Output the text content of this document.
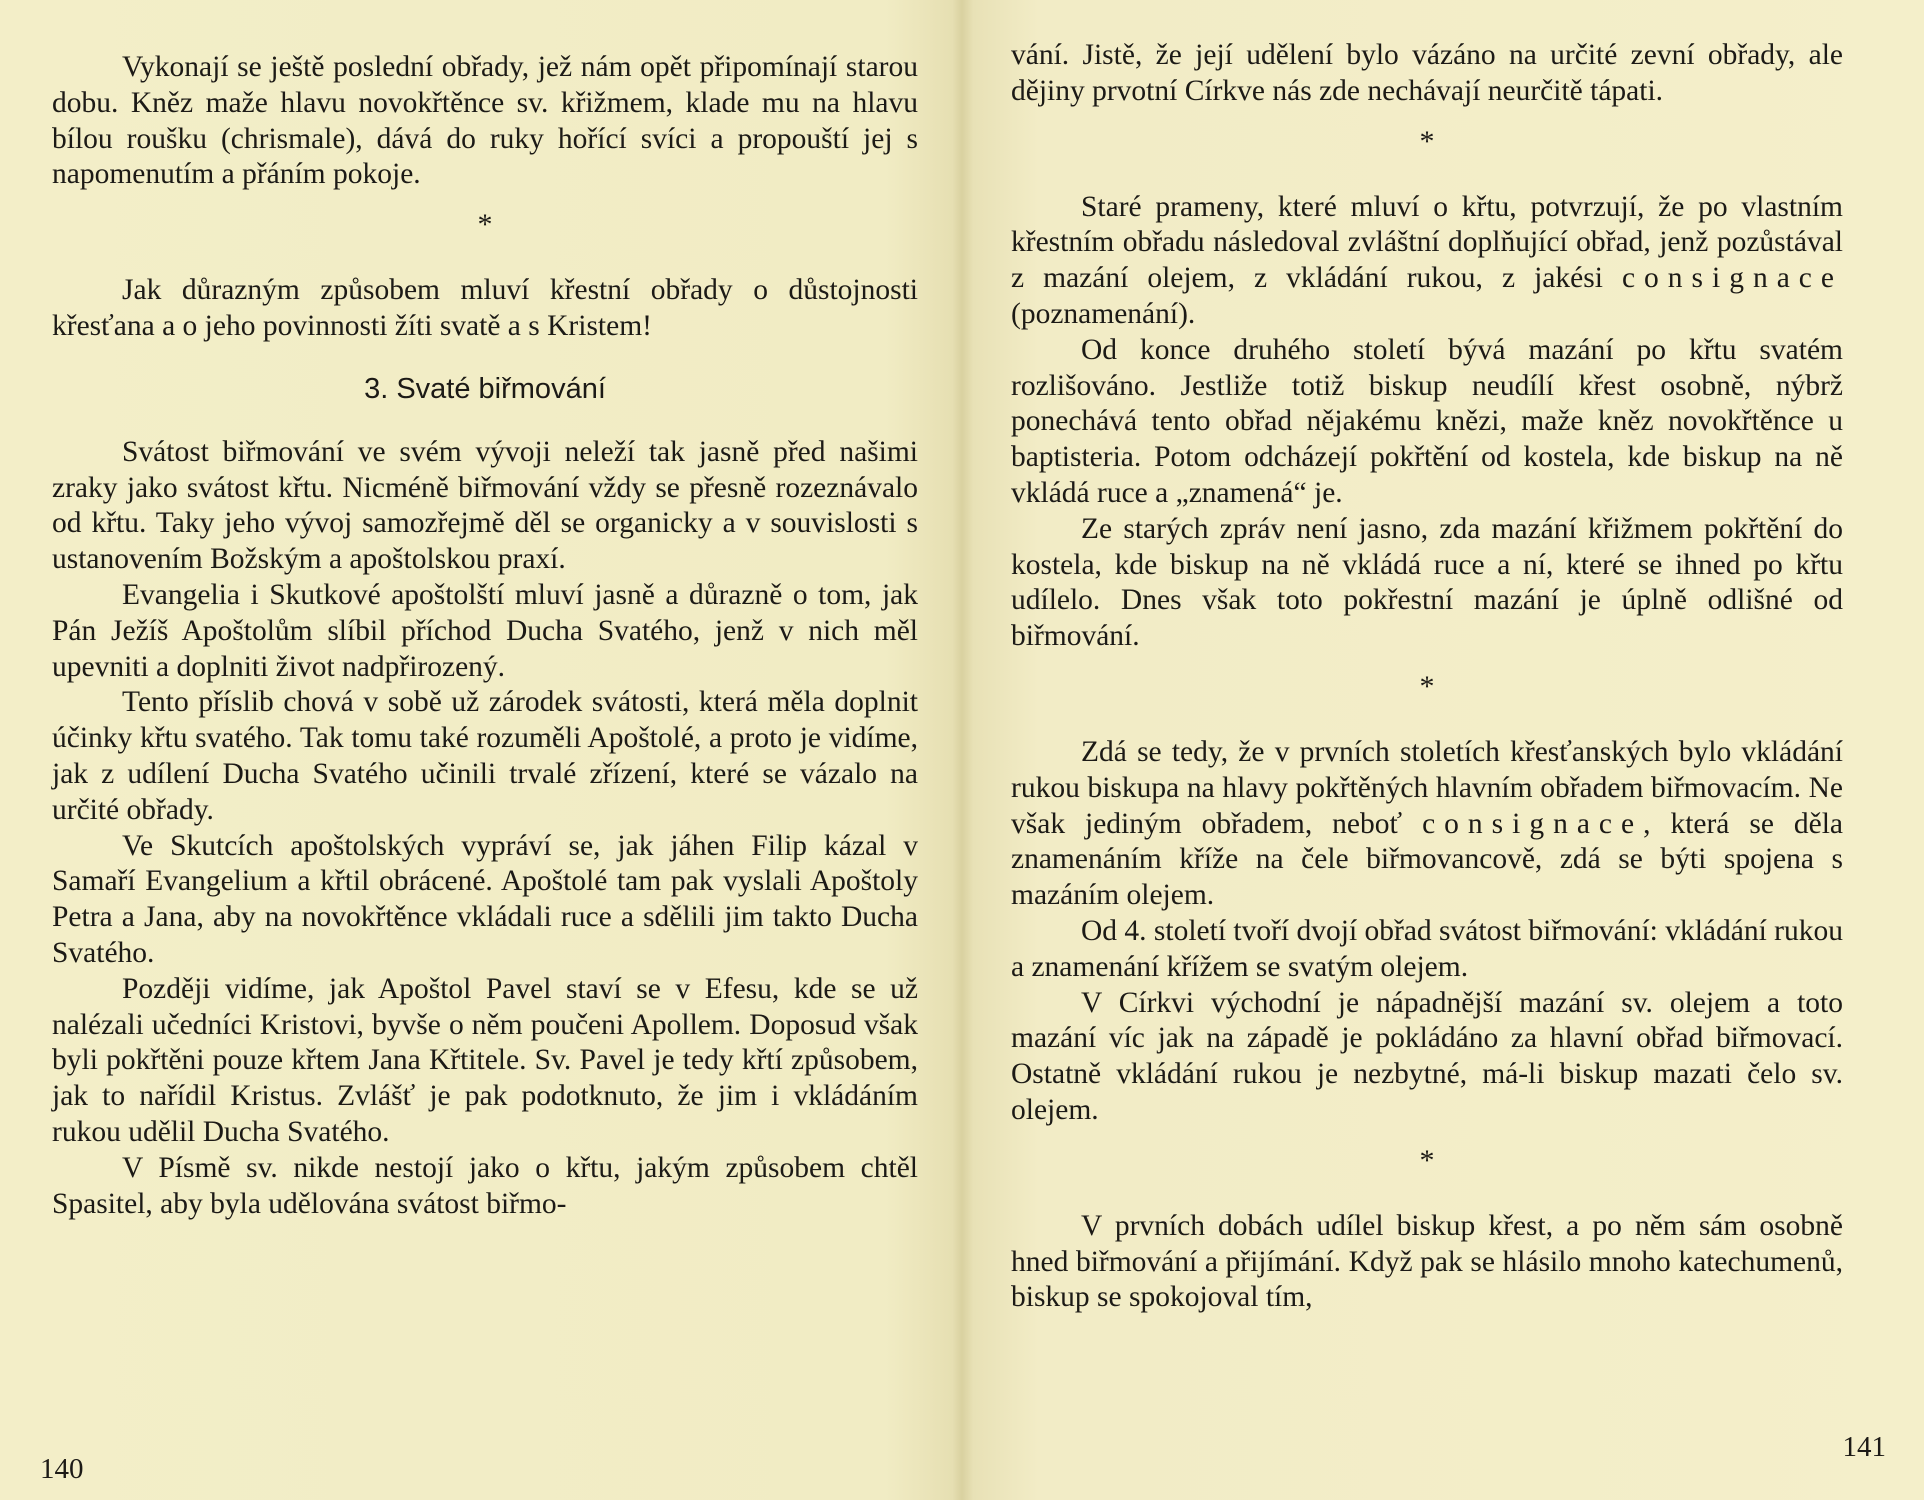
Vykonají se ještě poslední obřady, jež nám opět připomínají starou dobu. Kněz maže hlavu novokřtěnce sv. křižmem, klade mu na hlavu bílou roušku (chrismale), dává do ruky hořící svíci a propouští jej s napomenutím a přáním pokoje.

*

Jak důrazným způsobem mluví křestní obřady o důstojnosti křesťana a o jeho povinnosti žíti svatě a s Kristem!

3. Svaté biřmování

Svátost biřmování ve svém vývoji neleží tak jasně před našimi zraky jako svátost křtu. Nicméně biřmování vždy se přesně rozeznávalo od křtu. Taky jeho vývoj samozřejmě děl se organicky a v souvislosti s ustanovením Božským a apoštolskou praxí.

Evangelia i Skutkové apoštolští mluví jasně a důrazně o tom, jak Pán Ježíš Apoštolům slíbil příchod Ducha Svatého, jenž v nich měl upevniti a doplniti život nadpřirozený.

Tento příslib chová v sobě už zárodek svátosti, která měla doplnit účinky křtu svatého. Tak tomu také rozuměli Apoštolé, a proto je vidíme, jak z udílení Ducha Svatého učinili trvalé zřízení, které se vázalo na určité obřady.

Ve Skutcích apoštolských vypráví se, jak jáhen Filip kázal v Samaří Evangelium a křtil obrácené. Apoštolé tam pak vyslali Apoštoly Petra a Jana, aby na novokřtěnce vkládali ruce a sdělili jim takto Ducha Svatého.

Později vidíme, jak Apoštol Pavel staví se v Efesu, kde se už nalézali učedníci Kristovi, byvše o něm poučeni Apollem. Doposud však byli pokřtěni pouze křtem Jana Křtitele. Sv. Pavel je tedy křtí způsobem, jak to nařídil Kristus. Zvlášť je pak podotknuto, že jim i vkládáním rukou udělil Ducha Svatého.

V Písmě sv. nikde nestojí jako o křtu, jakým způsobem chtěl Spasitel, aby byla udělována svátost biřmo-

140

vání. Jistě, že její udělení bylo vázáno na určité zevní obřady, ale dějiny prvotní Církve nás zde nechávají neurčitě tápati.

*

Staré prameny, které mluví o křtu, potvrzují, že po vlastním křestním obřadu následoval zvláštní doplňující obřad, jenž pozůstával z mazání olejem, z vkládání rukou, z jakési consignace (poznamenání).

Od konce druhého století bývá mazání po křtu svatém rozlišováno. Jestliže totiž biskup neudílí křest osobně, nýbrž ponechává tento obřad nějakému knězi, maže kněz novokřtěnce u baptisteria. Potom odcházejí pokřtění od kostela, kde biskup na ně vkládá ruce a „znamená“ je.

Ze starých zpráv není jasno, zda mazání křižmem pokřtění do kostela, kde biskup na ně vkládá ruce a ní, které se ihned po křtu udílelo. Dnes však toto pokřestní mazání je úplně odlišné od biřmování.

*

Zdá se tedy, že v prvních stoletích křesťanských bylo vkládání rukou biskupa na hlavy pokřtěných hlavním obřadem biřmovacím. Ne však jediným obřadem, neboť consignace, která se děla znamenáním kříže na čele biřmovancově, zdá se býti spojena s mazáním olejem.

Od 4. století tvoří dvojí obřad svátost biřmování: vkládání rukou a znamenání křížem se svatým olejem.

V Církvi východní je nápadnější mazání sv. olejem a toto mazání víc jak na západě je pokládáno za hlavní obřad biřmovací. Ostatně vkládání rukou je nezbytné, má-li biskup mazati čelo sv. olejem.

*

V prvních dobách udílel biskup křest, a po něm sám osobně hned biřmování a přijímání. Když pak se hlásilo mnoho katechumenů, biskup se spokojoval tím,

141
